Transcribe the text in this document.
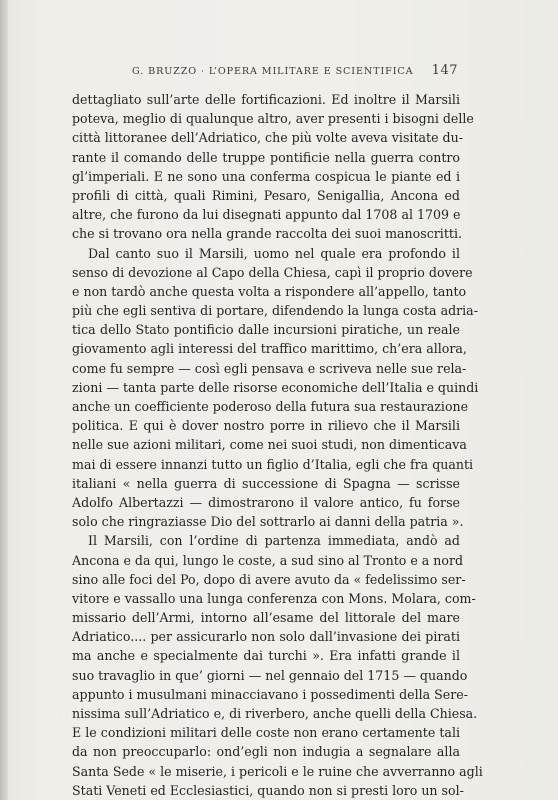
G. BRUZZO · L’OPERA MILITARE E SCIENTIFICA 147
dettagliato sull’arte delle fortificazioni. Ed inoltre il Marsili
poteva, meglio di qualunque altro, aver presenti i bisogni delle
città littoranee dell’Adriatico, che più volte aveva visitate du-
rante il comando delle truppe pontificie nella guerra contro
gl’imperiali. E ne sono una conferma cospicua le piante ed i
profili di città, quali Rimini, Pesaro, Senigallia, Ancona ed
altre, che furono da lui disegnati appunto dal 1708 al 1709 e
che si trovano ora nella grande raccolta dei suoi manoscritti.
Dal canto suo il Marsili, uomo nel quale era profondo il
senso di devozione al Capo della Chiesa, capì il proprio dovere
e non tardò anche questa volta a rispondere all’appello, tanto
più che egli sentiva di portare, difendendo la lunga costa adria-
tica dello Stato pontificio dalle incursioni piratiche, un reale
giovamento agli interessi del traffico marittimo, ch’era allora,
come fu sempre — così egli pensava e scriveva nelle sue rela-
zioni — tanta parte delle risorse economiche dell’Italia e quindi
anche un coefficiente poderoso della futura sua restaurazione
politica. E qui è dover nostro porre in rilievo che il Marsili
nelle sue azioni militari, come nei suoi studi, non dimenticava
mai di essere innanzi tutto un figlio d’Italia, egli che fra quanti
italiani « nella guerra di successione di Spagna — scrisse
Adolfo Albertazzi — dimostrarono il valore antico, fu forse
solo che ringraziasse Dio del sottrarlo ai danni della patria ».
Il Marsili, con l’ordine di partenza immediata, andò ad
Ancona e da qui, lungo le coste, a sud sino al Tronto e a nord
sino alle foci del Po, dopo di avere avuto da « fedelissimo ser-
vitore e vassallo una lunga conferenza con Mons. Molara, com-
missario dell’Armi, intorno all’esame del littorale del mare
Adriatico.... per assicurarlo non solo dall’invasione dei pirati
ma anche e specialmente dai turchi ». Era infatti grande il
suo travaglio in que’ giorni — nel gennaio del 1715 — quando
appunto i musulmani minacciavano i possedimenti della Sere-
nissima sull’Adriatico e, di riverbero, anche quelli della Chiesa.
E le condizioni militari delle coste non erano certamente tali
da non preoccuparlo: ond’egli non indugia a segnalare alla
Santa Sede « le miserie, i pericoli e le ruine che avverranno agli
Stati Veneti ed Ecclesiastici, quando non si presti loro un sol-
· ·
